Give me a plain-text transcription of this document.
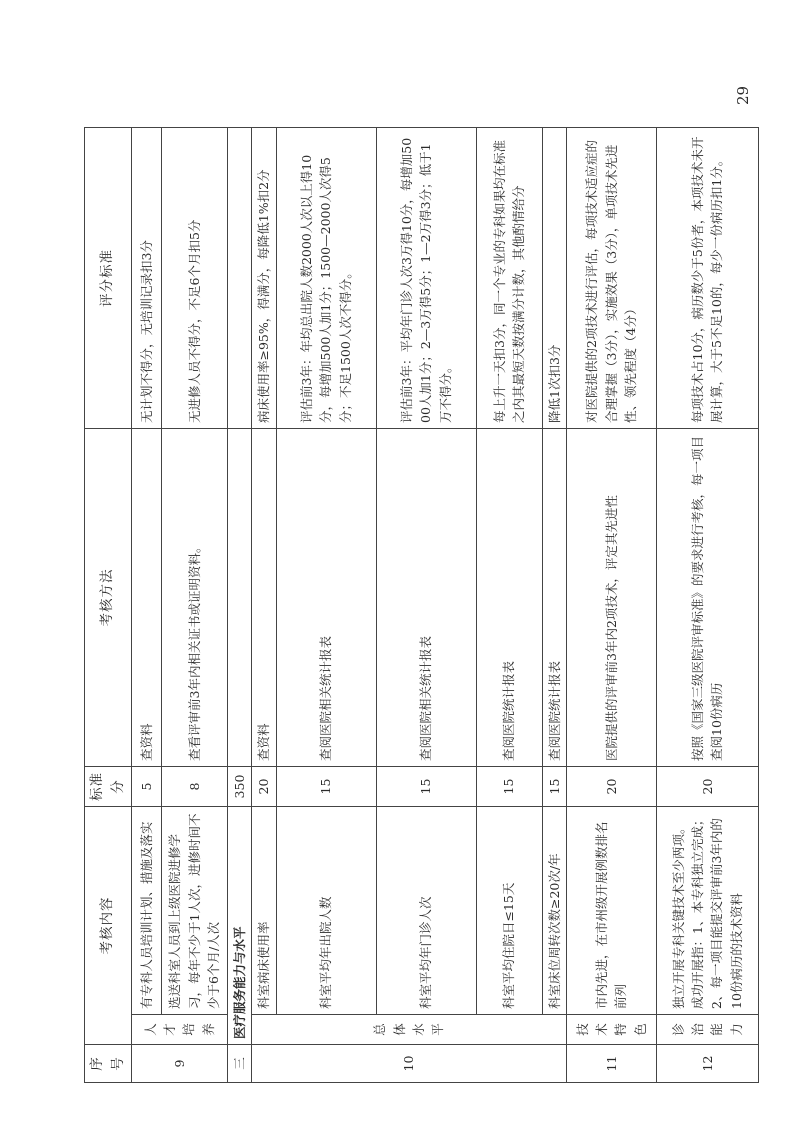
序号	考核内容		标准分	考核方法	评分标准
9	人才培养	有专科人员培训计划、措施及落实	5	查资料	无计划不得分，无培训记录扣3分
		选送科室人员到上级医院进修学习，每年不少于1人次，进修时间不少于6个月/人次	8	查看评审前3年内相关证书或证明资料。	无进修人员不得分，不足6个月扣5分
三	医疗服务能力与水平		350		
10	总体水平	科室病床使用率	20	查资料	病床使用率≥95%，得满分，每降低1%扣2分
		科室平均年出院人数	15	查阅医院相关统计报表	评估前3年：年均总出院人数2000人次以上得10分，每增加500人加1分；1500—2000人次得5分；不足1500人次不得分。
		科室平均年门诊人次	15	查阅医院相关统计报表	评估前3年：平均年门诊人次3万得10分，每增加5000人加1分；2—3万得5分；1—2万得3分；低于1万不得分。
		科室平均住院日≤15天	15	查阅医院统计报表	每上升一天扣3分，同一个专业的专科如果均在标准之内其最短天数按满分计数，其他酌情给分
		科室床位周转次数≥20次/年	15	查阅医院统计报表	降低1次扣3分
11	技术特色	市内先进，在市州级开展例数排名前列	20	医院提供的评审前3年内2项技术，评定其先进性	对医院提供的2项技术进行评估，每项技术适应症的合理掌握（3分），实施效果（3分），单项技术先进性、领先程度（4分）
12	诊治能力	独立开展专科关键技术至少两项。成功开展指：1、本专科独立完成；2、每一项目能提交评审前3年内的10份病历的技术资料	20	按照《国家三级医院评审标准》的要求进行考核，每一项目查阅10份病历	每项技术占10分，病历数少于5份者，本项技术未开展计算，大于5不足10的，每少一份病历扣1分。
29
